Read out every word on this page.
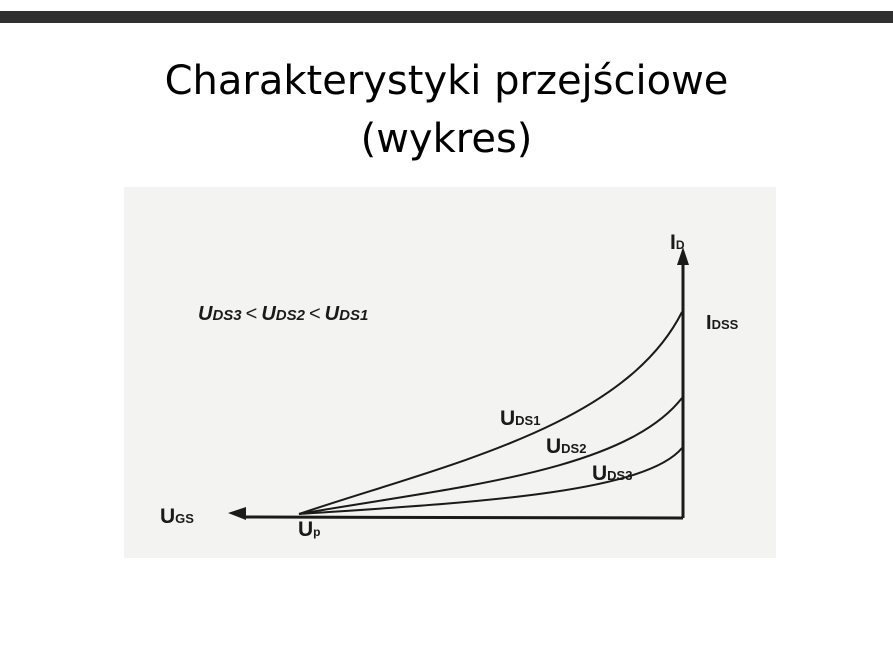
Charakterystyki przejściowe
(wykres)
UDS3 < UDS2 < UDS1
ID
IDSS
UGS	Up
UDS1
UDS2
UDS3
